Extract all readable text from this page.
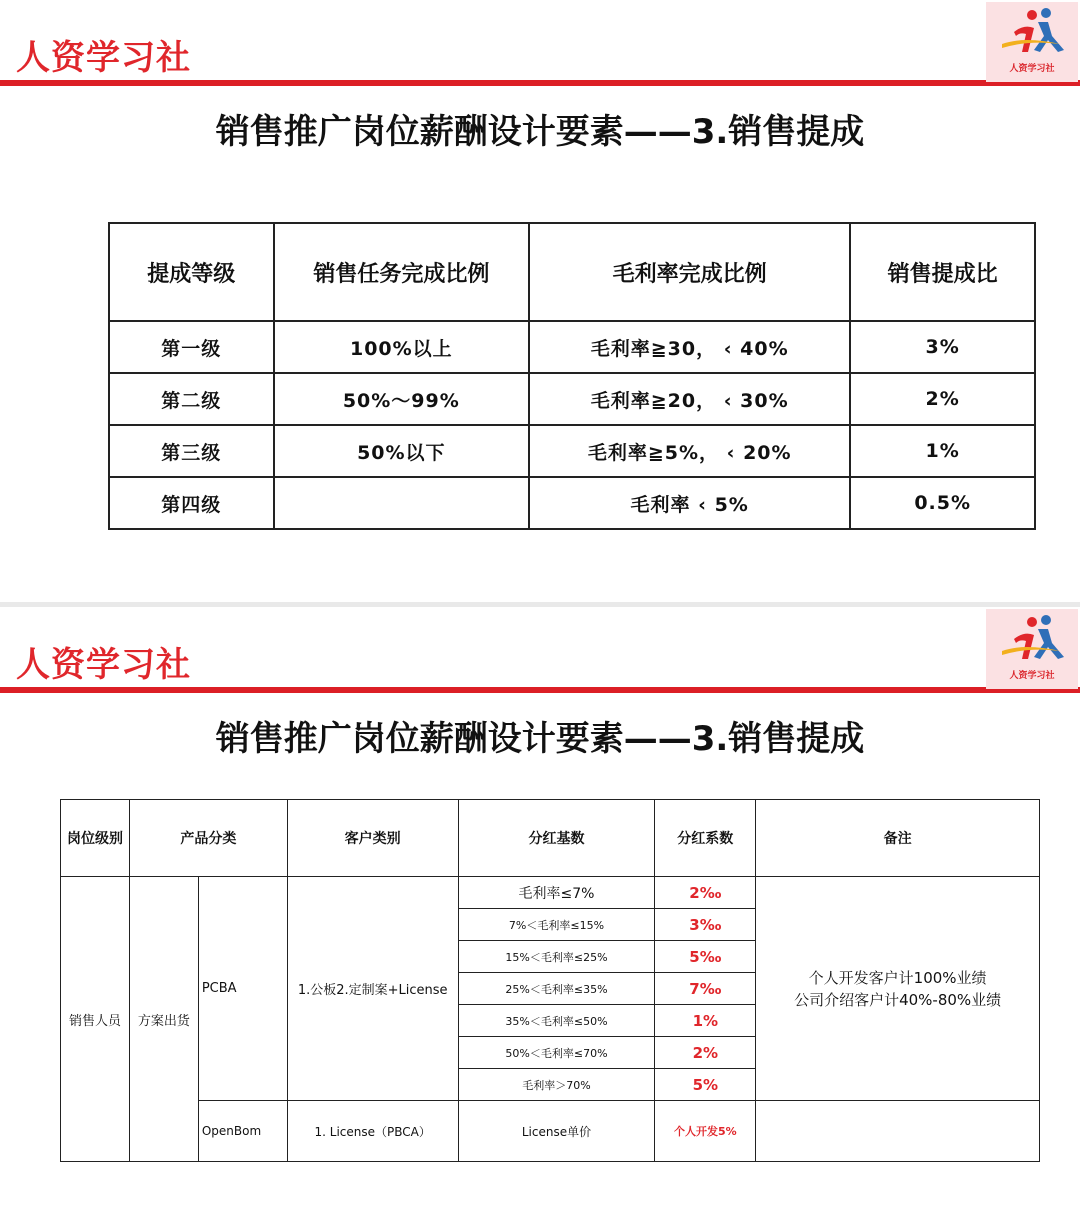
人资学习社	人资学习社
销售推广岗位薪酬设计要素——3.销售提成
提成等级	销售任务完成比例	毛利率完成比例	销售提成比
第一级	100%以上	毛利率≧30， ‹ 40%	3%
第二级	50%～99%	毛利率≧20， ‹ 30%	2%
第三级	50%以下	毛利率≧5%， ‹ 20%	1%
第四级		毛利率 ‹ 5%	0.5%
人资学习社	人资学习社
销售推广岗位薪酬设计要素——3.销售提成
岗位级别	产品分类		客户类别	分红基数	分红系数	备注
销售人员	方案出货	PCBA	1.公板2.定制案+License	毛利率≤7%	2‰	个人开发客户计100%业绩
公司介绍客户计40%-80%业绩

				7%＜毛利率≤15%	3‰	
				15%＜毛利率≤25%	5‰	
				25%＜毛利率≤35%	7‰	
				35%＜毛利率≤50%	1%	
				50%＜毛利率≤70%	2%	
				毛利率＞70%	5%	
		OpenBom	1. License（PBCA）	License单价	个人开发5%	
